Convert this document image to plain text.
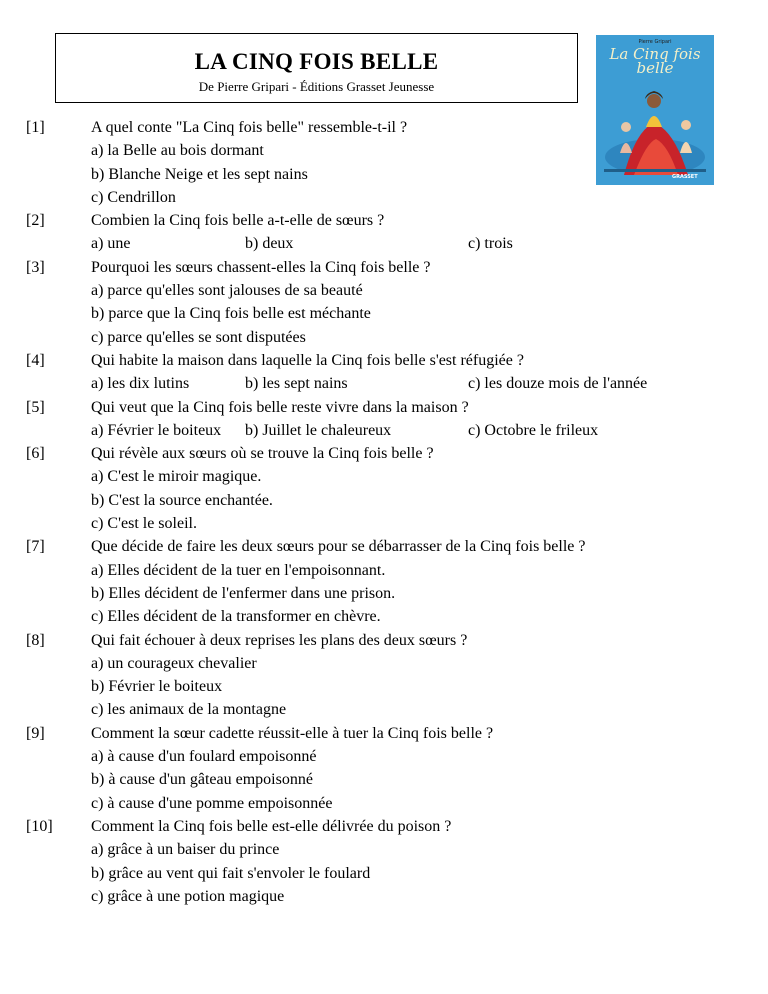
LA CINQ FOIS BELLE
De Pierre Gripari - Éditions Grasset Jeunesse
Pierre Gripari
La Cinq fois
belle
GRASSET
[1]	A quel conte "La Cinq fois belle" ressemble-t-il ?
a) la Belle au bois dormant
b) Blanche Neige et les sept nains
c) Cendrillon
[2]	Combien la Cinq fois belle a-t-elle de sœurs ?
a) une	b) deux	c) trois
[3]	Pourquoi les sœurs chassent-elles la Cinq fois belle ?
a) parce qu'elles sont jalouses de sa beauté
b) parce que la Cinq fois belle est méchante
c) parce qu'elles se sont disputées
[4]	Qui habite la maison dans laquelle la Cinq fois belle s'est réfugiée ?
a) les dix lutins	b) les sept nains	c) les douze mois de l'année
[5]	Qui veut que la Cinq fois belle reste vivre dans la maison ?
a) Février le boiteux b) Juillet le chaleureux	c) Octobre le frileux
[6]	Qui révèle aux sœurs où se trouve la Cinq fois belle ?
a) C'est le miroir magique.
b) C'est la source enchantée.
c) C'est le soleil.
[7]	Que décide de faire les deux sœurs pour se débarrasser de la Cinq fois belle ?
a) Elles décident de la tuer en l'empoisonnant.
b) Elles décident de l'enfermer dans une prison.
c) Elles décident de la transformer en chèvre.
[8]	Qui fait échouer à deux reprises les plans des deux sœurs ?
a) un courageux chevalier
b) Février le boiteux
c) les animaux de la montagne
[9]	Comment la sœur cadette réussit-elle à tuer la Cinq fois belle ?
a) à cause d'un foulard empoisonné
b) à cause d'un gâteau empoisonné
c) à cause d'une pomme empoisonnée
[10] Comment la Cinq fois belle est-elle délivrée du poison ?
a) grâce à un baiser du prince
b) grâce au vent qui fait s'envoler le foulard
c) grâce à une potion magique
